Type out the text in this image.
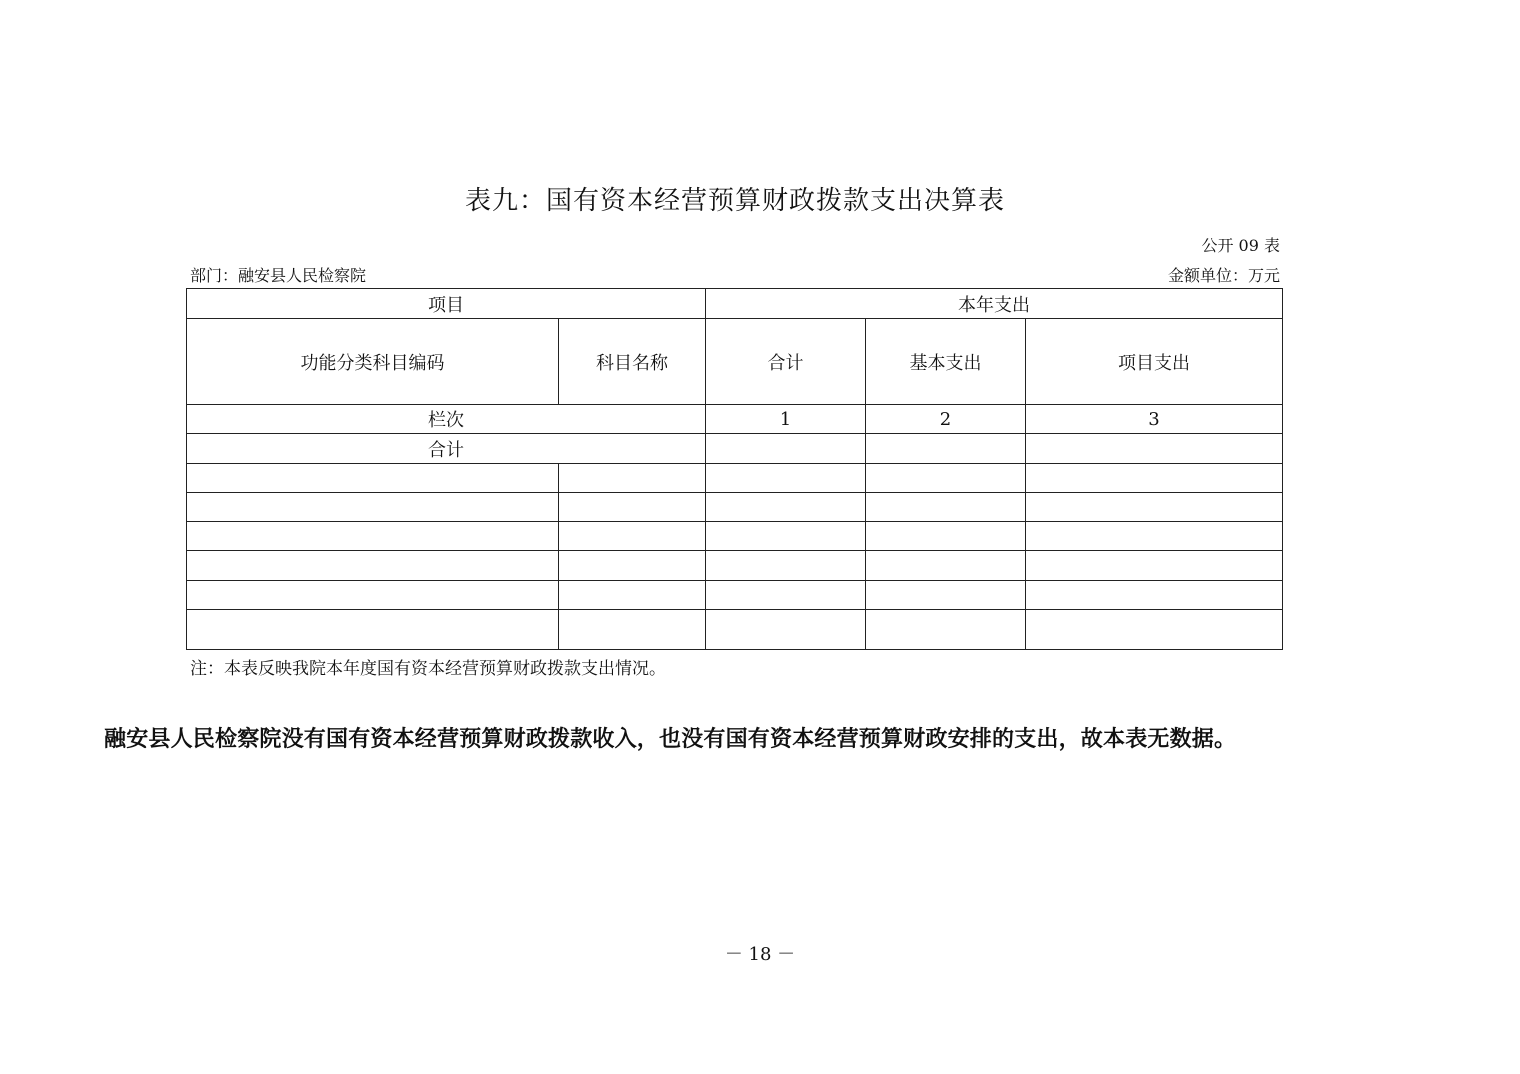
表九：国有资本经营预算财政拨款支出决算表
公开 09 表
部门：融安县人民检察院	金额单位：万元
项目		本年支出		
功能分类科目编码	科目名称	合计	基本支出	项目支出
栏次		1	2	3
合计				

注：本表反映我院本年度国有资本经营预算财政拨款支出情况。
融安县人民检察院没有国有资本经营预算财政拨款收入，也没有国有资本经营预算财政安排的支出，故本表无数据。
－ 18 －
